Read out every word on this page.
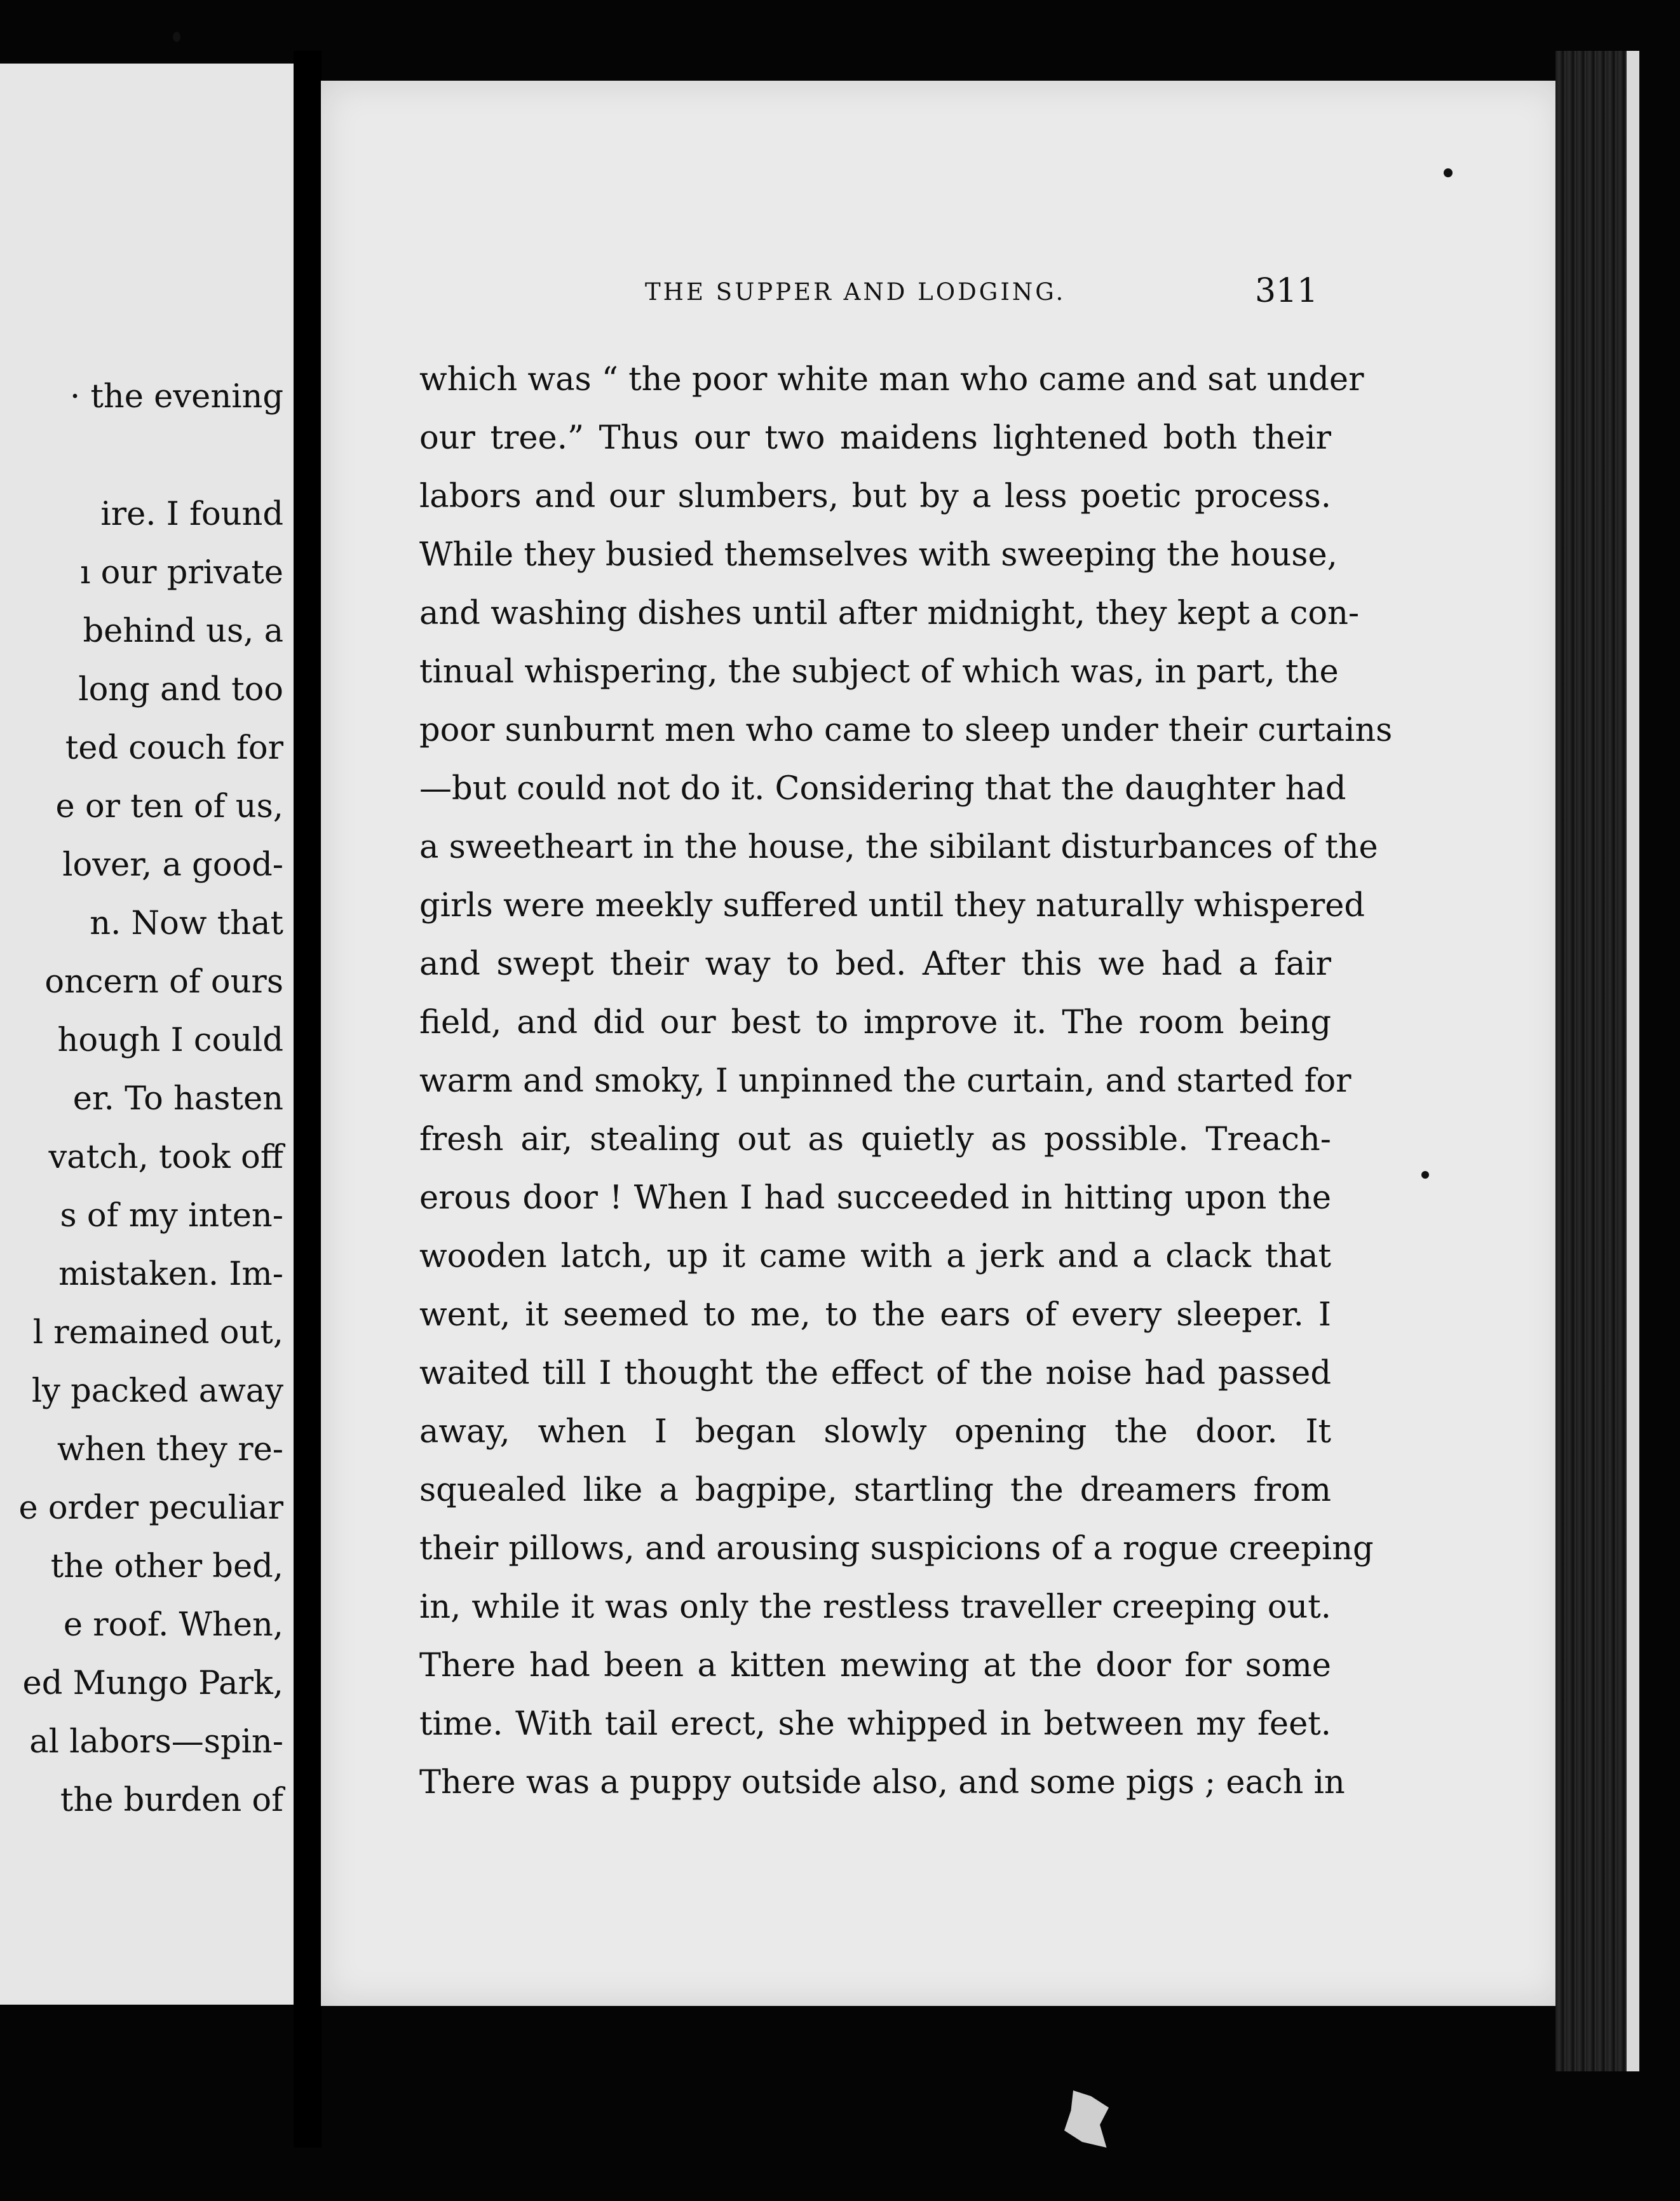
· the evening
ire. I found
ı our private
behind us, a
long and too
ted couch for
e or ten of us,
lover, a good-
n. Now that
oncern of ours
hough I could
er. To hasten
vatch, took off
s of my inten-
mistaken. Im-
l remained out,
ly packed away
when they re-
e order peculiar
the other bed,
e roof. When,
ed Mungo Park,
al labors—spin-
the burden of
THE SUPPER AND LODGING.	311
which was “ the poor white man who came and sat under
our tree.” Thus our two maidens lightened both their
labors and our slumbers, but by a less poetic process.
While they busied themselves with sweeping the house,
and washing dishes until after midnight, they kept a con-
tinual whispering, the subject of which was, in part, the
poor sunburnt men who came to sleep under their curtains
—but could not do it. Considering that the daughter had
a sweetheart in the house, the sibilant disturbances of the
girls were meekly suffered until they naturally whispered
and swept their way to bed. After this we had a fair
field, and did our best to improve it. The room being
warm and smoky, I unpinned the curtain, and started for
fresh air, stealing out as quietly as possible. Treach-
erous door ! When I had succeeded in hitting upon the
wooden latch, up it came with a jerk and a clack that
went, it seemed to me, to the ears of every sleeper. I
waited till I thought the effect of the noise had passed
away, when I began slowly opening the door. It
squealed like a bagpipe, startling the dreamers from
their pillows, and arousing suspicions of a rogue creeping
in, while it was only the restless traveller creeping out.
There had been a kitten mewing at the door for some
time. With tail erect, she whipped in between my feet.
There was a puppy outside also, and some pigs ; each in
